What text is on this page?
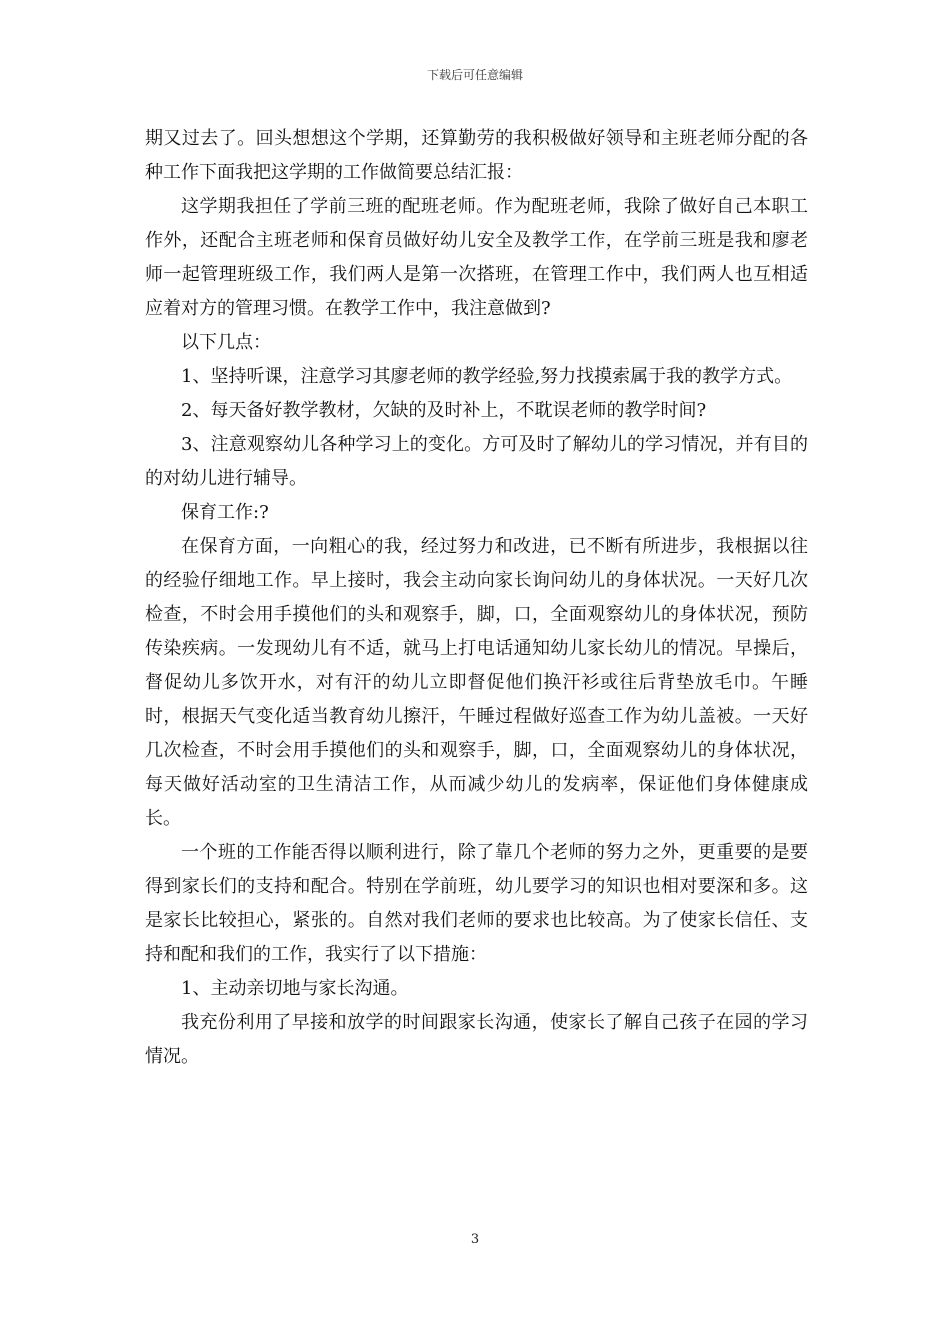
下载后可任意编辑

期又过去了。回头想想这个学期，还算勤劳的我积极做好领导和主班老师分配的各种工作下面我把这学期的工作做简要总结汇报：

这学期我担任了学前三班的配班老师。作为配班老师，我除了做好自己本职工作外，还配合主班老师和保育员做好幼儿安全及教学工作，在学前三班是我和廖老师一起管理班级工作，我们两人是第一次搭班，在管理工作中，我们两人也互相适应着对方的管理习惯。在教学工作中，我注意做到?

以下几点：

1、坚持听课，注意学习其廖老师的教学经验,努力找摸索属于我的教学方式。

2、每天备好教学教材，欠缺的及时补上，不耽误老师的教学时间?

3、注意观察幼儿各种学习上的变化。方可及时了解幼儿的学习情况，并有目的的对幼儿进行辅导。

保育工作:?

在保育方面，一向粗心的我，经过努力和改进，已不断有所进步，我根据以往的经验仔细地工作。早上接时，我会主动向家长询问幼儿的身体状况。一天好几次检查，不时会用手摸他们的头和观察手，脚，口，全面观察幼儿的身体状况，预防传染疾病。一发现幼儿有不适，就马上打电话通知幼儿家长幼儿的情况。早操后，督促幼儿多饮开水，对有汗的幼儿立即督促他们换汗衫或往后背垫放毛巾。午睡时，根据天气变化适当教育幼儿擦汗，午睡过程做好巡查工作为幼儿盖被。一天好几次检查，不时会用手摸他们的头和观察手，脚，口，全面观察幼儿的身体状况，每天做好活动室的卫生清洁工作，从而减少幼儿的发病率，保证他们身体健康成长。

一个班的工作能否得以顺利进行，除了靠几个老师的努力之外，更重要的是要得到家长们的支持和配合。特别在学前班，幼儿要学习的知识也相对要深和多。这是家长比较担心，紧张的。自然对我们老师的要求也比较高。为了使家长信任、支持和配和我们的工作，我实行了以下措施：

1、主动亲切地与家长沟通。

我充份利用了早接和放学的时间跟家长沟通，使家长了解自己孩子在园的学习情况。

3
